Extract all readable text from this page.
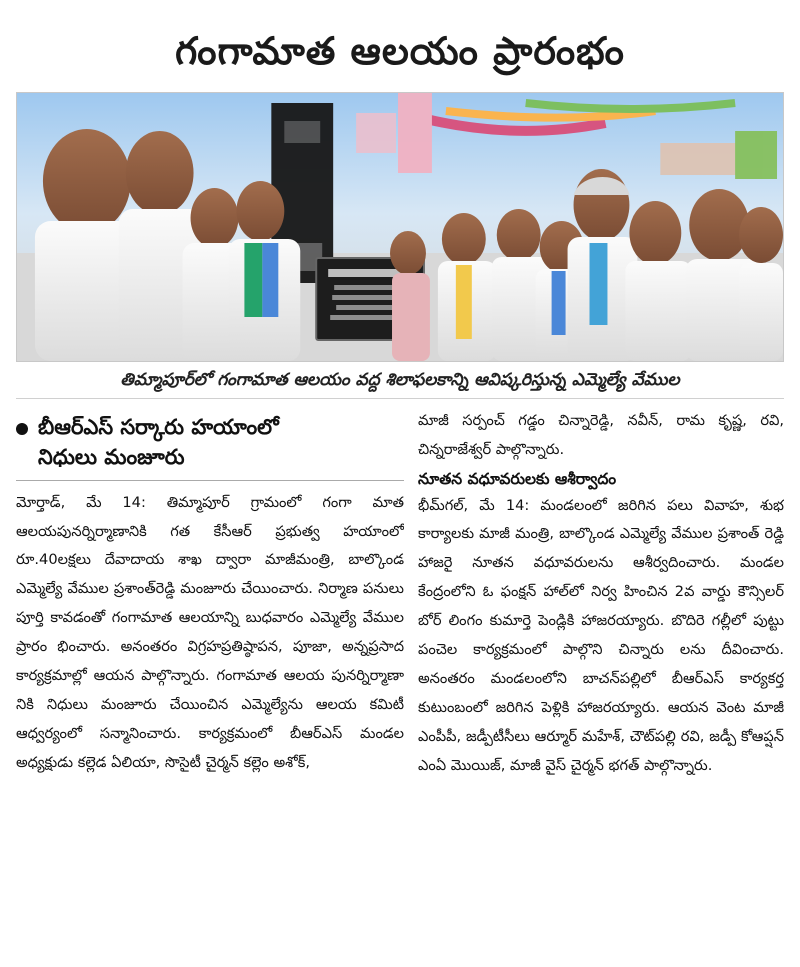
గంగామాత ఆలయం ప్రారంభం
తిమ్మాపూర్‌లో గంగామాత ఆలయం వద్ద శిలాఫలకాన్ని ఆవిష్కరిస్తున్న ఎమ్మెల్యే వేముల
బీఆర్‌ఎస్ సర్కారు హయాంలో
నిధులు మంజూరు

మోర్తాడ్, మే 14: తిమ్మాపూర్ గ్రామంలో గంగా మాత ఆలయపునర్నిర్మాణానికి గత కేసీఆర్ ప్రభుత్వ హయాంలో రూ.40లక్షలు దేవాదాయ శాఖ ద్వారా మాజీమంత్రి, బాల్కొండ ఎమ్మెల్యే వేముల ప్రశాంత్‌రెడ్డి మంజూరు చేయించారు. నిర్మాణ పనులు పూర్తి కావడంతో గంగామాత ఆలయాన్ని బుధవారం ఎమ్మెల్యే వేముల ప్రారం భించారు. అనంతరం విగ్రహప్రతిష్ఠాపన, పూజా, అన్నప్రసాద కార్యక్రమాల్లో ఆయన పాల్గొన్నారు. గంగామాత ఆలయ పునర్నిర్మాణా నికి నిధులు మంజూరు చేయించిన ఎమ్మెల్యేను ఆలయ కమిటీ ఆధ్వర్యంలో సన్మానించారు. కార్యక్రమంలో బీఆర్‌ఎస్ మండల అధ్యక్షుడు కల్లెడ ఏలియా, సొసైటీ చైర్మన్ కల్లెం అశోక్,

మాజీ సర్పంచ్ గడ్డం చిన్నారెడ్డి, నవీన్, రామ కృష్ణ, రవి, చిన్నరాజేశ్వర్ పాల్గొన్నారు.

నూతన వధూవరులకు ఆశీర్వాదం

భీమ్‌గల్, మే 14: మండలంలో జరిగిన పలు వివాహ, శుభ కార్యాలకు మాజీ మంత్రి, బాల్కొండ ఎమ్మెల్యే వేముల ప్రశాంత్ రెడ్డి హాజరై నూతన వధూవరులను ఆశీర్వదించారు. మండల కేంద్రంలోని ఓ ఫంక్షన్ హాల్‌లో నిర్వ హించిన 2వ వార్డు కౌన్సిలర్ బోర్ లింగం కుమార్తె పెండ్లికి హాజరయ్యారు. బొదిరె గల్లీలో పుట్టు పంచెల కార్యక్రమంలో పాల్గొని చిన్నారు లను దీవించారు. అనంతరం మండలంలోని బాచన్‌పల్లిలో బీఆర్‌ఎస్ కార్యకర్త కుటుంబంలో జరిగిన పెళ్లికి హాజరయ్యారు. ఆయన వెంట మాజీ ఎంపీపీ, జడ్పీటీసీలు ఆర్మూర్ మహేశ్, చౌట్‌పల్లి రవి, జడ్పీ కోఆప్షన్ ఎంఏ మొయిజ్, మాజీ వైస్ చైర్మన్ భగత్ పాల్గొన్నారు.
